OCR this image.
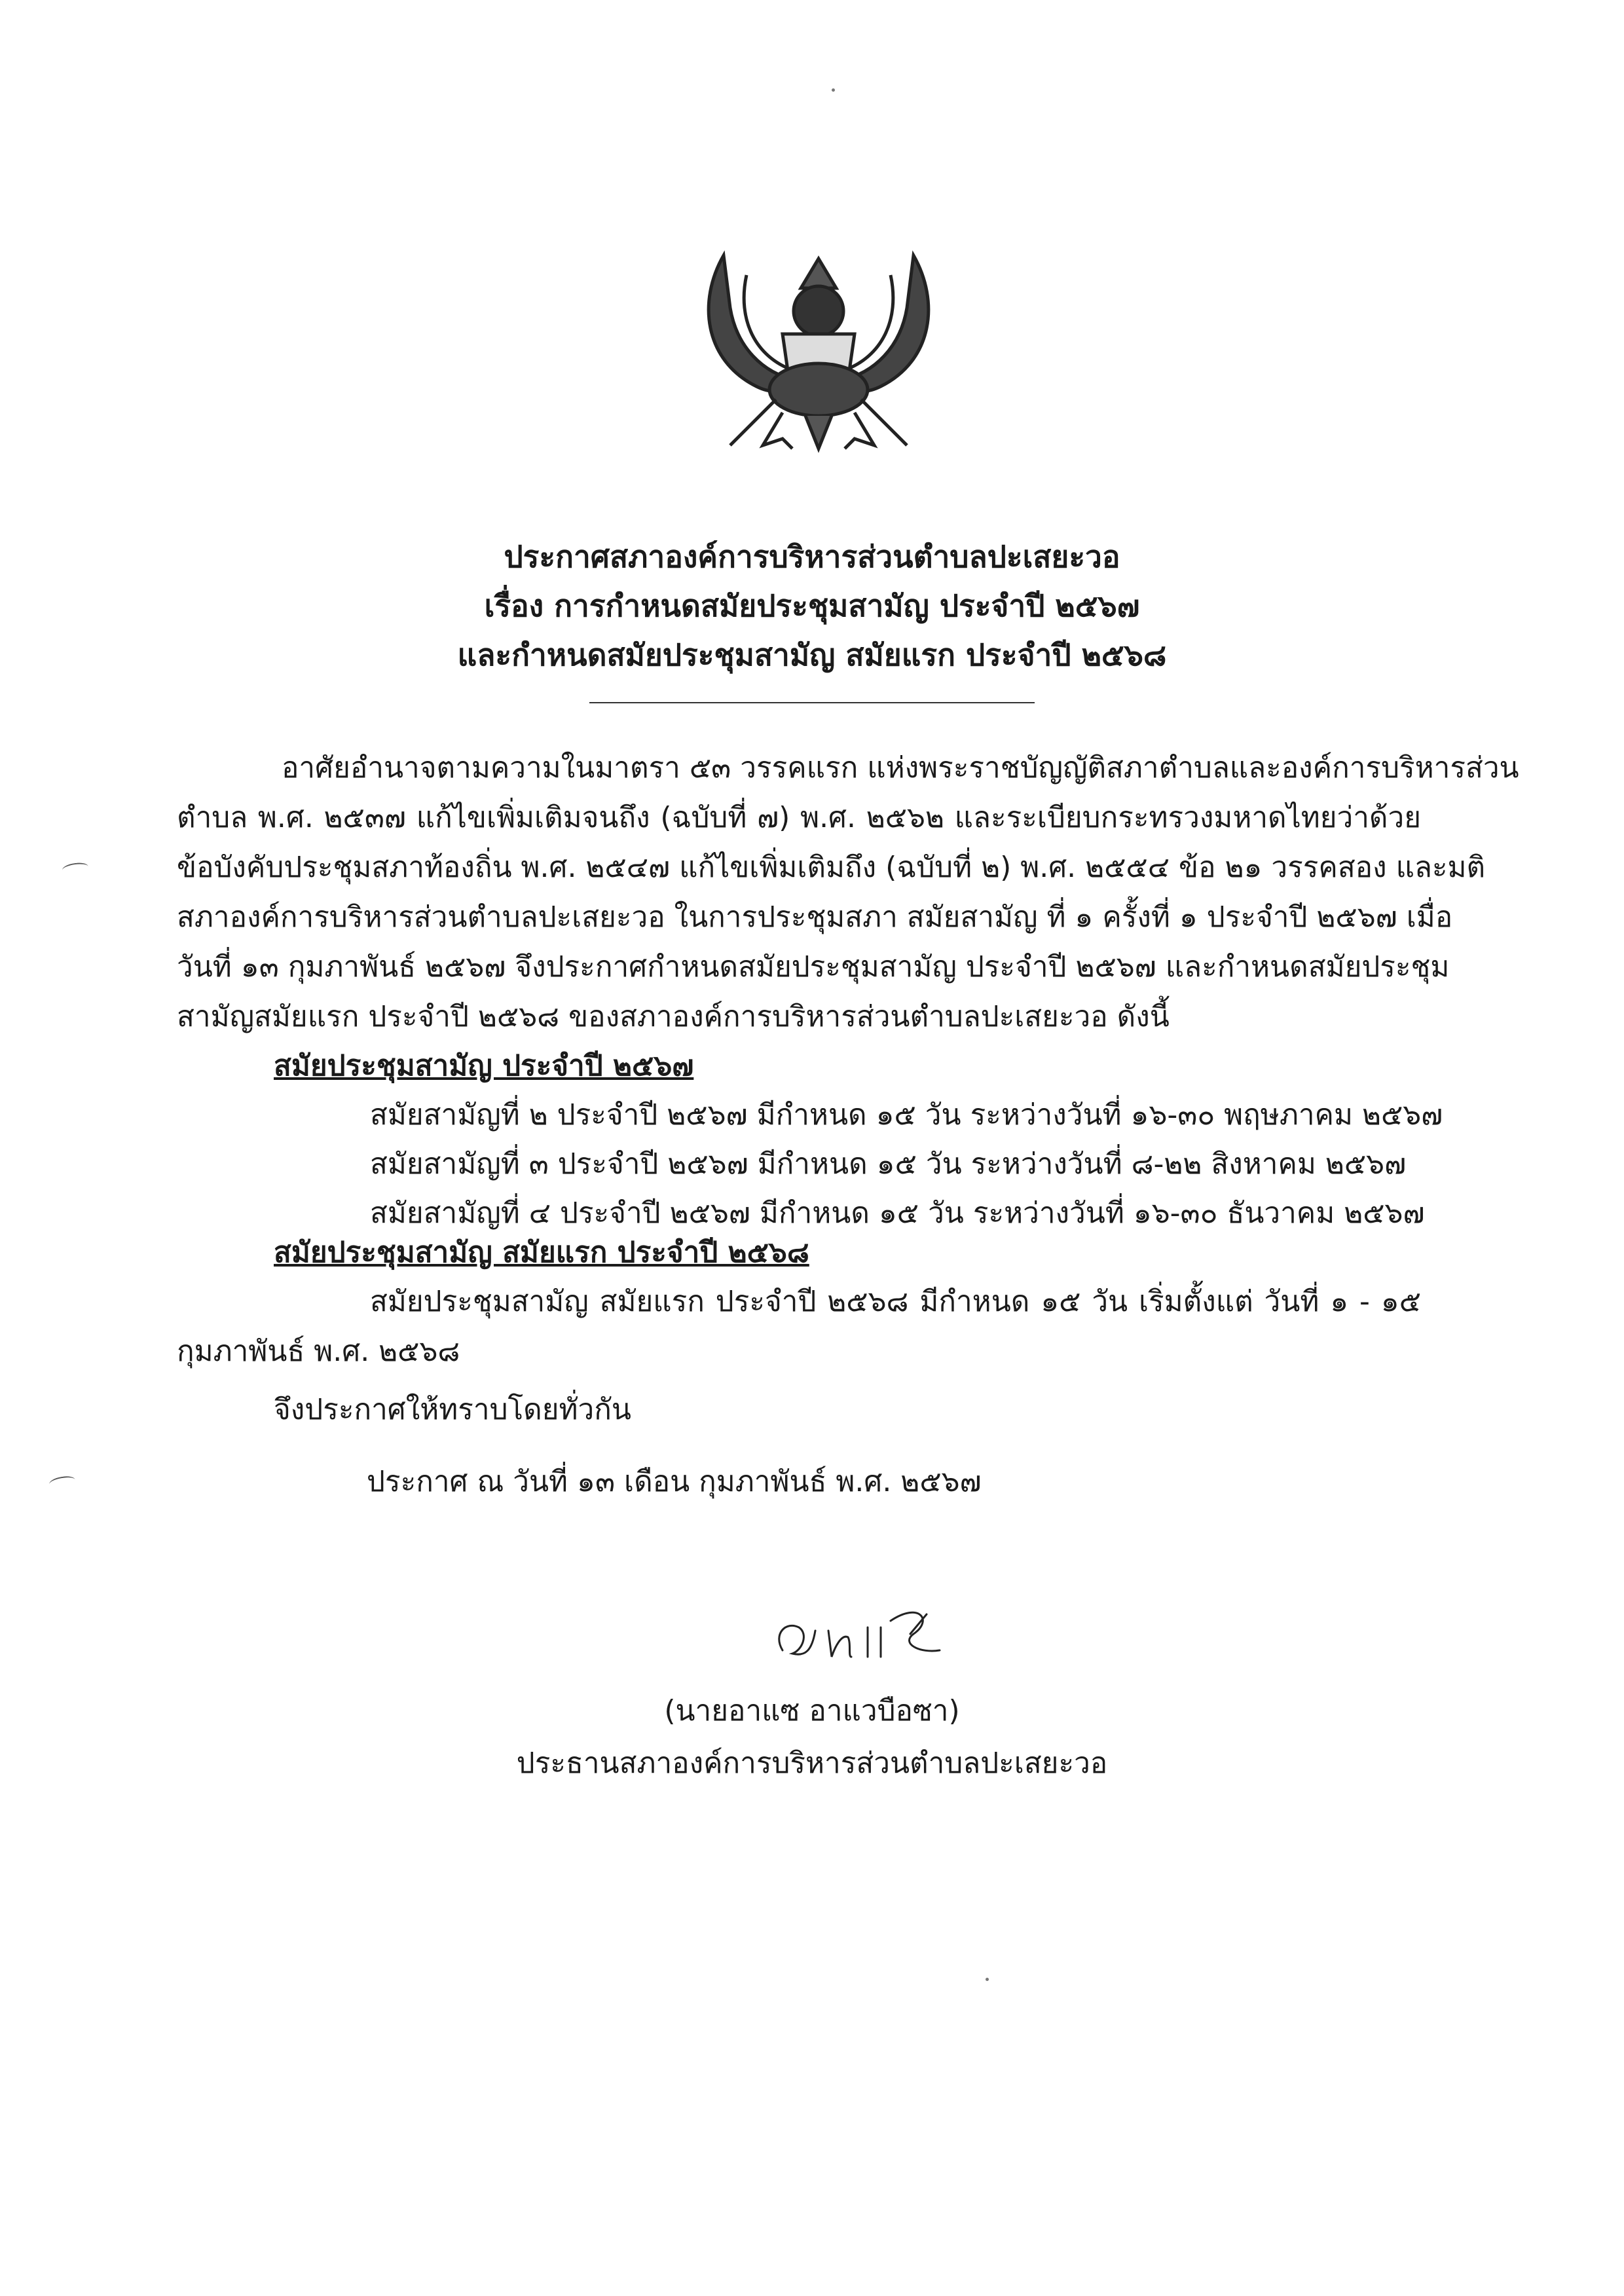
ประกาศสภาองค์การบริหารส่วนตำบลปะเสยะวอ
เรื่อง การกำหนดสมัยประชุมสามัญ ประจำปี ๒๕๖๗
และกำหนดสมัยประชุมสามัญ สมัยแรก ประจำปี ๒๕๖๘
อาศัยอำนาจตามความในมาตรา ๕๓ วรรคแรก แห่งพระราชบัญญัติสภาตำบลและองค์การบริหารส่วน
ตำบล พ.ศ. ๒๕๓๗ แก้ไขเพิ่มเติมจนถึง (ฉบับที่ ๗) พ.ศ. ๒๕๖๒ และระเบียบกระทรวงมหาดไทยว่าด้วย
ข้อบังคับประชุมสภาท้องถิ่น พ.ศ. ๒๕๔๗ แก้ไขเพิ่มเติมถึง (ฉบับที่ ๒) พ.ศ. ๒๕๕๔ ข้อ ๒๑ วรรคสอง และมติ
สภาองค์การบริหารส่วนตำบลปะเสยะวอ ในการประชุมสภา สมัยสามัญ ที่ ๑ ครั้งที่ ๑ ประจำปี ๒๕๖๗ เมื่อ
วันที่ ๑๓ กุมภาพันธ์ ๒๕๖๗ จึงประกาศกำหนดสมัยประชุมสามัญ ประจำปี ๒๕๖๗ และกำหนดสมัยประชุม
สามัญสมัยแรก ประจำปี ๒๕๖๘ ของสภาองค์การบริหารส่วนตำบลปะเสยะวอ ดังนี้
สมัยประชุมสามัญ ประจำปี ๒๕๖๗
สมัยสามัญที่ ๒ ประจำปี ๒๕๖๗ มีกำหนด ๑๕ วัน ระหว่างวันที่ ๑๖-๓๐ พฤษภาคม ๒๕๖๗
สมัยสามัญที่ ๓ ประจำปี ๒๕๖๗ มีกำหนด ๑๕ วัน ระหว่างวันที่ ๘-๒๒ สิงหาคม ๒๕๖๗
สมัยสามัญที่ ๔ ประจำปี ๒๕๖๗ มีกำหนด ๑๕ วัน ระหว่างวันที่ ๑๖-๓๐ ธันวาคม ๒๕๖๗
สมัยประชุมสามัญ สมัยแรก ประจำปี ๒๕๖๘
สมัยประชุมสามัญ สมัยแรก ประจำปี ๒๕๖๘ มีกำหนด ๑๕ วัน เริ่มตั้งแต่ วันที่ ๑ - ๑๕
กุมภาพันธ์ พ.ศ. ๒๕๖๘
จึงประกาศให้ทราบโดยทั่วกัน
ประกาศ ณ วันที่ ๑๓ เดือน กุมภาพันธ์ พ.ศ. ๒๕๖๗
(นายอาแซ อาแวบือซา)
ประธานสภาองค์การบริหารส่วนตำบลปะเสยะวอ
